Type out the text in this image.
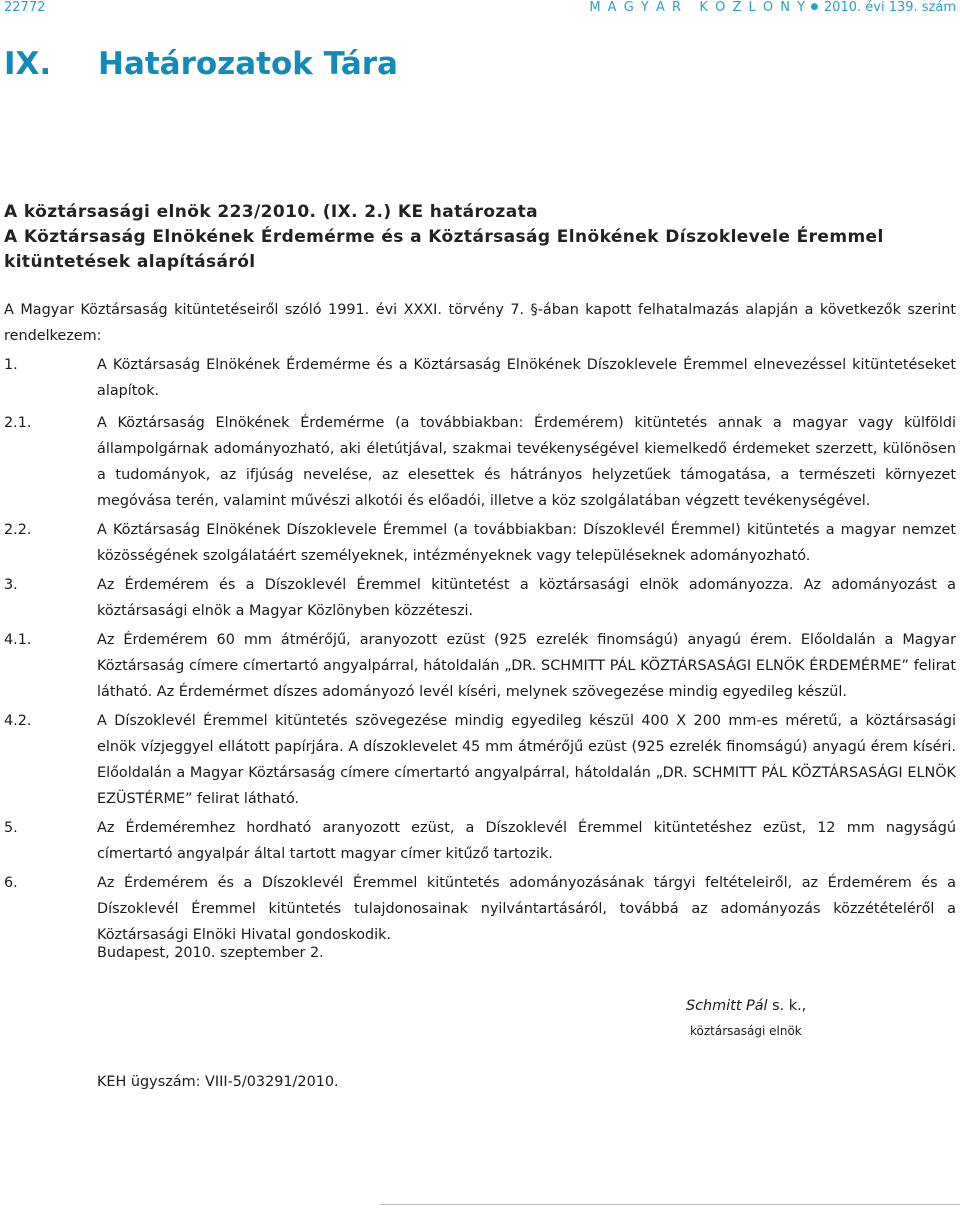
22772	M A G Y A R   K Ö Z L Ö N Y ● 2010. évi 139. szám
IX. Határozatok Tára
A köztársasági elnök 223/2010. (IX. 2.) KE határozata
A Köztársaság Elnökének Érdemérme és a Köztársaság Elnökének Díszoklevele Éremmel
kitüntetések alapításáról
A Magyar Köztársaság kitüntetéseiről szóló 1991. évi XXXI. törvény 7. §-ában kapott felhatalmazás alapján a következők szerint rendelkezem:
1.	A Köztársaság Elnökének Érdemérme és a Köztársaság Elnökének Díszoklevele Éremmel elnevezéssel kitüntetéseket alapítok.
2.1.	A Köztársaság Elnökének Érdemérme (a továbbiakban: Érdemérem) kitüntetés annak a magyar vagy külföldi állampolgárnak adományozható, aki életútjával, szakmai tevékenységével kiemelkedő érdemeket szerzett, különösen a tudományok, az ifjúság nevelése, az elesettek és hátrányos helyzetűek támogatása, a természeti környezet megóvása terén, valamint művészi alkotói és előadói, illetve a köz szolgálatában végzett tevékenységével.
2.2.	A Köztársaság Elnökének Díszoklevele Éremmel (a továbbiakban: Díszoklevél Éremmel) kitüntetés a magyar nemzet közösségének szolgálatáért személyeknek, intézményeknek vagy településeknek adományozható.
3.	Az Érdemérem és a Díszoklevél Éremmel kitüntetést a köztársasági elnök adományozza. Az adományozást a köztársasági elnök a Magyar Közlönyben közzéteszi.
4.1.	Az Érdemérem 60 mm átmérőjű, aranyozott ezüst (925 ezrelék finomságú) anyagú érem. Előoldalán a Magyar Köztársaság címere címertartó angyalpárral, hátoldalán „DR. SCHMITT PÁL KÖZTÁRSASÁGI ELNÖK ÉRDEMÉRME” felirat látható. Az Érdemérmet díszes adományozó levél kíséri, melynek szövegezése mindig egyedileg készül.
4.2.	A Díszoklevél Éremmel kitüntetés szövegezése mindig egyedileg készül 400 X 200 mm-es méretű, a köztársasági elnök vízjeggyel ellátott papírjára. A díszoklevelet 45 mm átmérőjű ezüst (925 ezrelék finomságú) anyagú érem kíséri. Előoldalán a Magyar Köztársaság címere címertartó angyalpárral, hátoldalán „DR. SCHMITT PÁL KÖZTÁRSASÁGI ELNÖK EZÜSTÉRME” felirat látható.
5.	Az Érdeméremhez hordható aranyozott ezüst, a Díszoklevél Éremmel kitüntetéshez ezüst, 12 mm nagyságú címertartó angyalpár által tartott magyar címer kitűző tartozik.
6.	Az Érdemérem és a Díszoklevél Éremmel kitüntetés adományozásának tárgyi feltételeiről, az Érdemérem és a Díszoklevél Éremmel kitüntetés tulajdonosainak nyilvántartásáról, továbbá az adományozás közzétételéről a Köztársasági Elnöki Hivatal gondoskodik.
Budapest, 2010. szeptember 2.
Schmitt Pál s. k.,
köztársasági elnök
KEH ügyszám: VIII-5/03291/2010.
